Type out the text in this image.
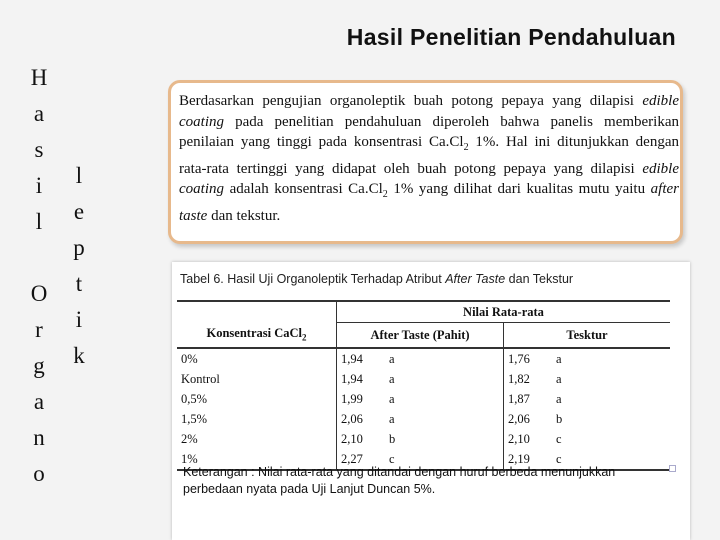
Hasil Penelitian Pendahuluan
H
a
s
i
l
O
r
g
a
n
o
l
e
p
t
i
k

Berdasarkan pengujian organoleptik buah potong pepaya yang dilapisi edible coating pada penelitian pendahuluan diperoleh bahwa panelis memberikan penilaian yang tinggi pada konsentrasi $Ca.Cl_2$ 1%. Hal ini ditunjukkan dengan rata-rata tertinggi yang didapat oleh buah potong pepaya yang dilapisi edible coating adalah konsentrasi $Ca.Cl_2$ 1% yang dilihat dari kualitas mutu yaitu after taste dan tekstur.

Tabel 6. Hasil Uji Organoleptik Terhadap Atribut After Taste dan Tekstur
	Nilai Rata-rata			
Konsentrasi CaCl$_2$	After Taste (Pahit)		Tesktur	
0%	1,94	a	1,76	a
Kontrol	1,94	a	1,82	a
0,5%	1,99	a	1,87	a
1,5%	2,06	a	2,06	b
2%	2,10	b	2,10	c
1%	2,27	c	2,19	c
Keterangan : Nilai rata-rata yang ditandai dengan huruf berbeda menunjukkan perbedaan nyata pada Uji Lanjut Duncan 5%.
